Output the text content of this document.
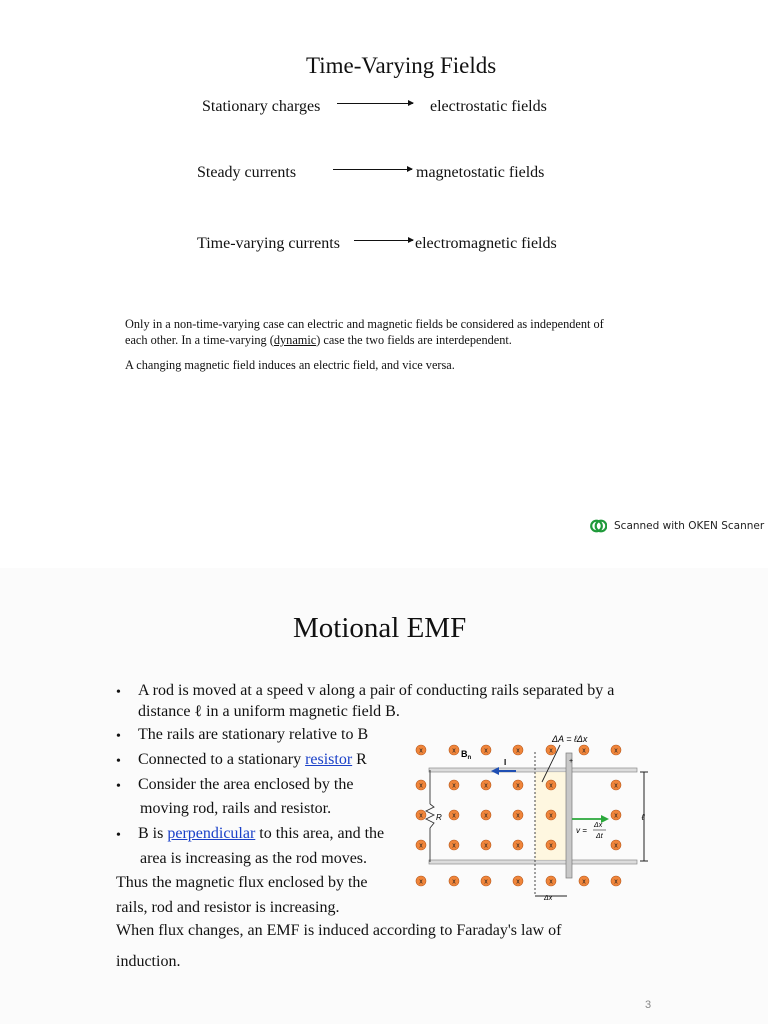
Time-Varying Fields
Stationary charges	electrostatic fields
Steady currents	magnetostatic fields
Time-varying currents	electromagnetic fields
Only in a non-time-varying case can electric and magnetic fields be considered as independent of
each other. In a time-varying (dynamic) case the two fields are interdependent.
A changing magnetic field induces an electric field, and vice versa.
Scanned with OKEN Scanner
Motional EMF
• A rod is moved at a speed v along a pair of conducting rails separated by a
distance ℓ in a uniform magnetic field B.
• The rails are stationary relative to B
• Connected to a stationary resistor R
• Consider the area enclosed by the
moving rod, rails and resistor.
• B is perpendicular to this area, and the
area is increasing as the rod moves.
Thus the magnetic flux enclosed by the
rails, rod and resistor is increasing.
When flux changes, an EMF is induced according to Faraday's law of
induction.
3
x	x	x	x	x	x	x
x	x	x	x	x	x
x	x	x	x	x	x
x	x	x	x	x	x
x	x	x	x	x	x	x
ΔA = ℓΔx
$B_n$	I	+
R
v =
Δx
Δt
ℓ
Δx
